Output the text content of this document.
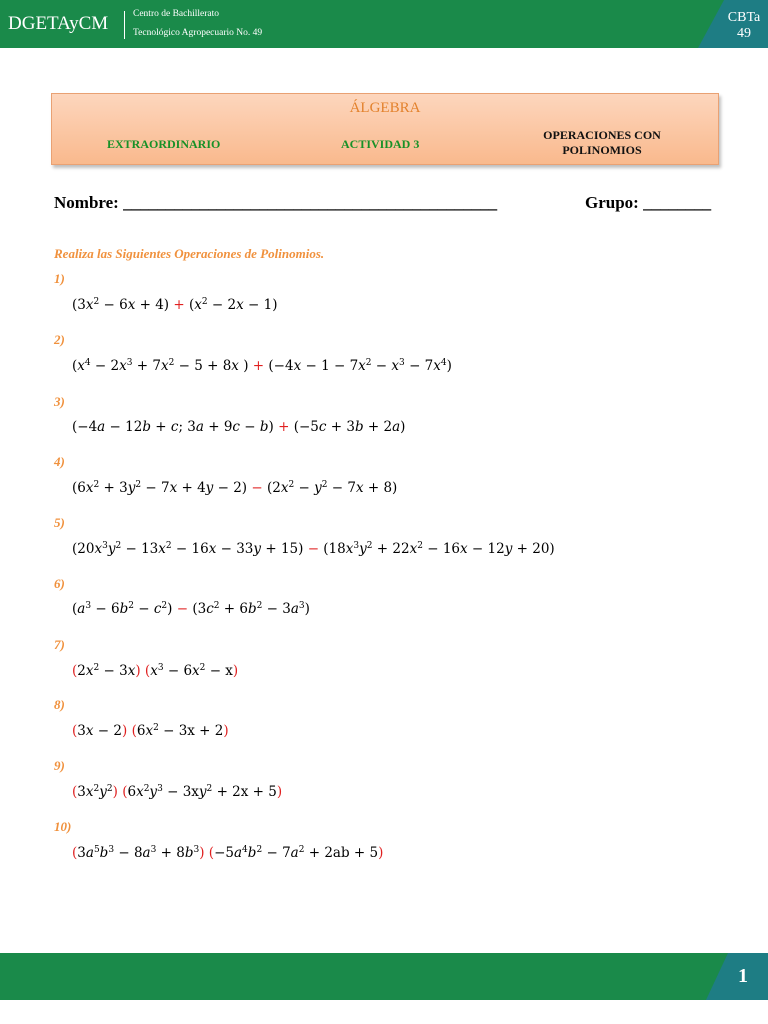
DGETAyCM	Centro de Bachillerato
Tecnológico Agropecuario No. 49
CBTa
49
ÁLGEBRA
EXTRAORDINARIO	ACTIVIDAD 3
OPERACIONES CON
POLINOMIOS
Nombre: ____________________________________________	Grupo: ________
Realiza las Siguientes Operaciones de Polinomios.
1)
$(3x^2 - 6x + 4) + (x^2 - 2x - 1)$
2)
($x^4 - 2x^3 + 7x^2 - 5 + 8x$ ) + $(-4x - 1 - 7x^2 - x^3 - 7x^4)$
3)
(−4a − 12b + c; 3a + 9c − b) + (−5c + 3b + 2a)
4)
$(6x^2 + 3y^2 - 7x + 4y - 2) - (2x^2 - y^2 - 7x + 8)$
5)
$(20x^3y^2 - 13x^2 - 16x - 33y + 15) - (18x^3y^2 + 22x^2 - 16x - 12y + 20)$
6)
$(a^3 - 6b^2 - c^2) - (3c^2 + 6b^2 - 3a^3)$
7)
$(2x^2 - 3x) (x^3 - 6x^2 - x)$
8)
(3x − 2) $(6x^2 - 3x + 2)$
9)
$(3x^2y^2) (6x^2y^3 - 3xy^2 + 2x + 5)$
10)
$(3a^5b^3 - 8a^3 + 8b^3) (-5a^4b^2 - 7a^2 + 2ab + 5)$
1
